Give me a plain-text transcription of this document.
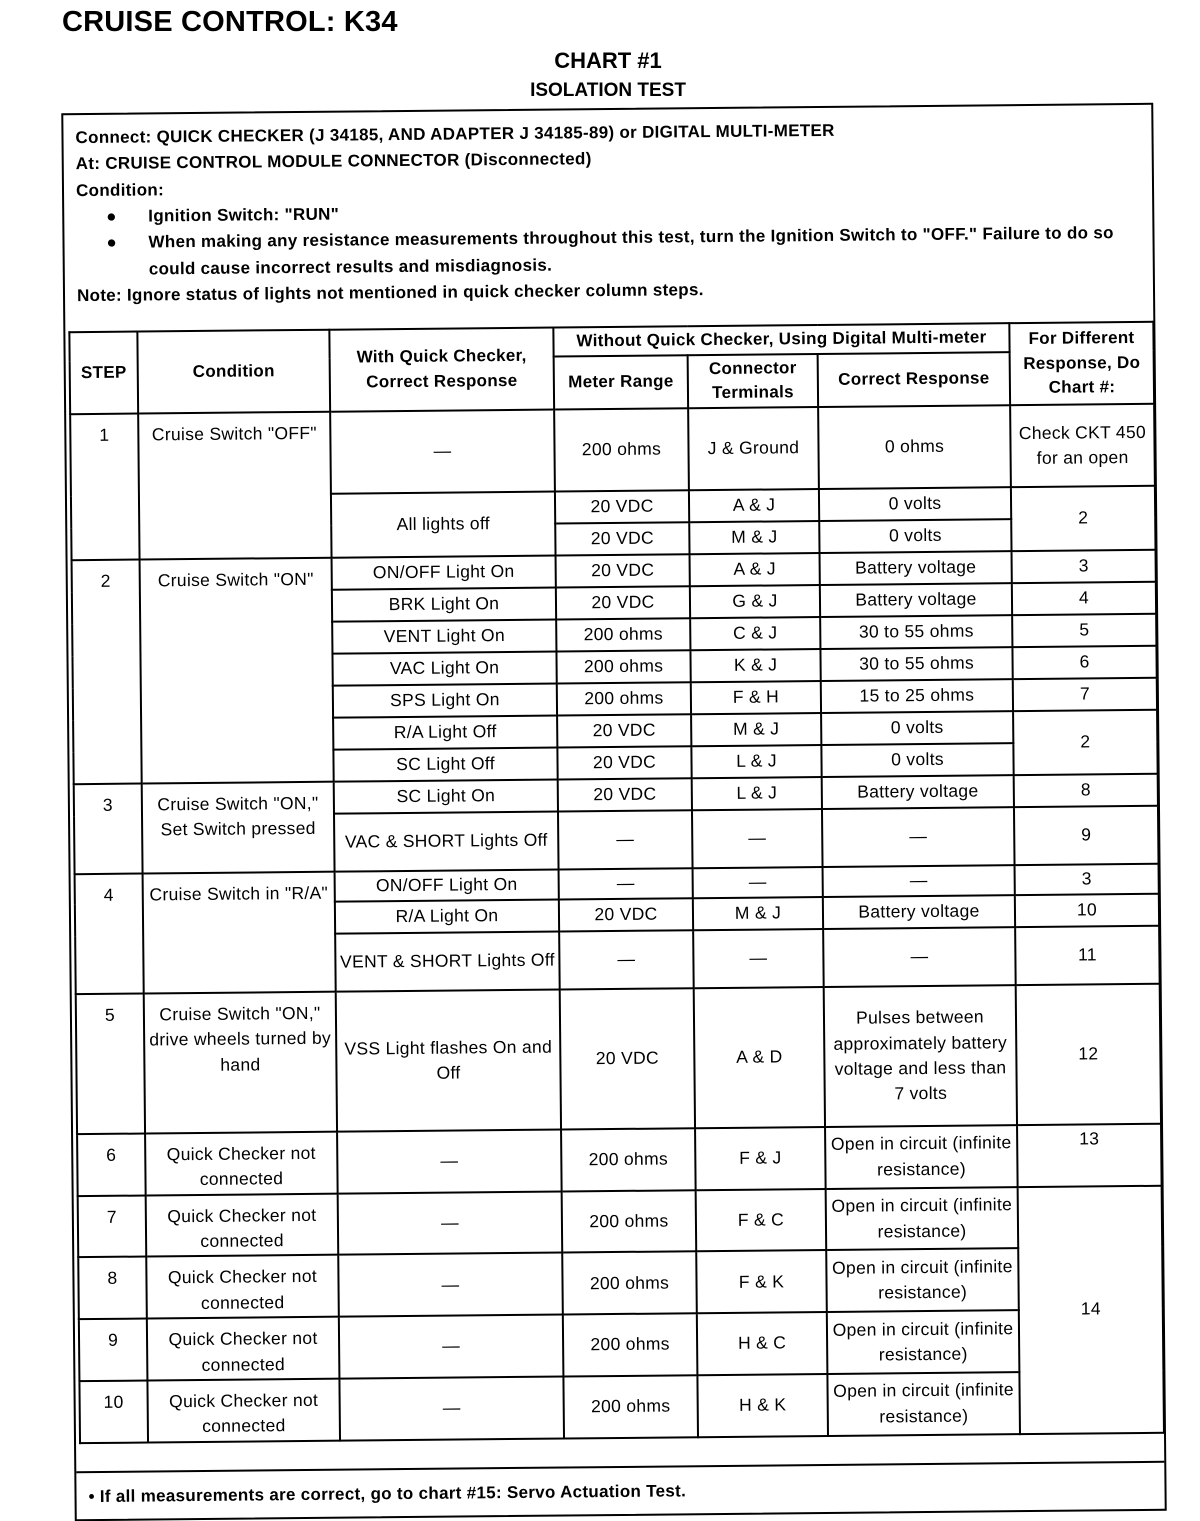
CRUISE CONTROL: K34
CHART #1
ISOLATION TEST
Connect: QUICK CHECKER (J 34185, AND ADAPTER J 34185-89) or DIGITAL MULTI-METER
At: CRUISE CONTROL MODULE CONNECTOR (Disconnected)
Condition:
● Ignition Switch: "RUN"
● When making any resistance measurements throughout this test, turn the Ignition Switch to "OFF." Failure to do so could cause incorrect results and misdiagnosis.
Note: Ignore status of lights not mentioned in quick checker column steps.
STEP	Condition	With Quick Checker, Correct Response	Without Quick Checker, Using Digital Multi-meter			For Different Response, Do Chart #:
			Meter Range	Connector Terminals	Correct Response	
1	Cruise Switch "OFF"	—	200 ohms	J & Ground	0 ohms	Check CKT 450 for an open
		All lights off	20 VDC	A & J	0 volts	2
			20 VDC	M & J	0 volts	
2	Cruise Switch "ON"	ON/OFF Light On	20 VDC	A & J	Battery voltage	3
		BRK Light On	20 VDC	G & J	Battery voltage	4
		VENT Light On	200 ohms	C & J	30 to 55 ohms	5
		VAC Light On	200 ohms	K & J	30 to 55 ohms	6
		SPS Light On	200 ohms	F & H	15 to 25 ohms	7
		R/A Light Off	20 VDC	M & J	0 volts	2
		SC Light Off	20 VDC	L & J	0 volts	
3	Cruise Switch "ON," Set Switch pressed	SC Light On	20 VDC	L & J	Battery voltage	8
		VAC & SHORT Lights Off	—	—	—	9
4	Cruise Switch in "R/A"	ON/OFF Light On	—	—	—	3
		R/A Light On	20 VDC	M & J	Battery voltage	10
		VENT & SHORT Lights Off	—	—	—	11
5	Cruise Switch "ON," drive wheels turned by hand	VSS Light flashes On and Off	20 VDC	A & D	Pulses between approximately battery voltage and less than 7 volts	12
6	Quick Checker not connected	—	200 ohms	F & J	Open in circuit (infinite resistance)	13
7	Quick Checker not connected	—	200 ohms	F & C	Open in circuit (infinite resistance)	14
8	Quick Checker not connected	—	200 ohms	F & K	Open in circuit (infinite resistance)	
9	Quick Checker not connected	—	200 ohms	H & C	Open in circuit (infinite resistance)	
10	Quick Checker not connected	—	200 ohms	H & K	Open in circuit (infinite resistance)	
• If all measurements are correct, go to chart #15: Servo Actuation Test.
